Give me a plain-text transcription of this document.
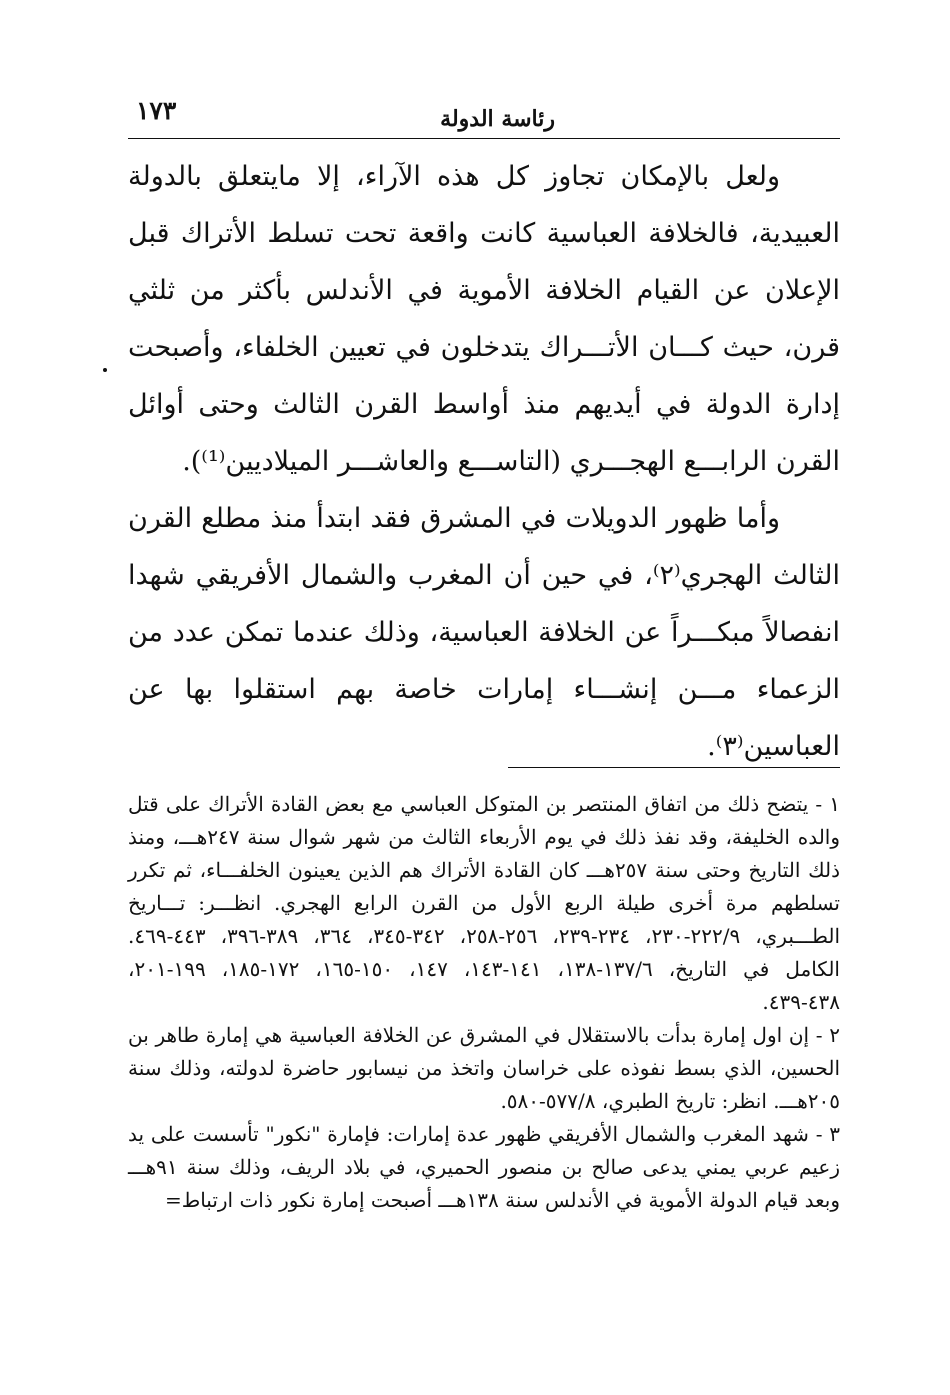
١٧٣	رئاسة الدولة

ولعل بالإمكان تجاوز كل هذه الآراء، إلا مايتعلق بالدولة العبيدية، فالخلافة العباسية كانت واقعة تحت تسلط الأتراك قبل الإعلان عن القيام الخلافة الأموية في الأندلس بأكثر من ثلثي قرن، حيث كـــان الأتـــراك يتدخلون في تعيين الخلفاء، وأصبحت إدارة الدولة في أيديهم منذ أواسط القرن الثالث وحتى أوائل القرن الرابـــع الهجـــري (التاســـع والعاشـــر الميلاديين⁽¹⁾).

وأما ظهور الدويلات في المشرق فقد ابتدأ منذ مطلع القرن الثالث الهجري⁽٢⁾، في حين أن المغرب والشمال الأفريقي شهدا انفصالاً مبكـــراً عن الخلافة العباسية، وذلك عندما تمكن عدد من الزعماء مـــن إنشـــاء إمارات خاصة بهم استقلوا بها عن العباسين⁽٣⁾.

١ - يتضح ذلك من اتفاق المنتصر بن المتوكل العباسي مع بعض القادة الأتراك على قتل والده الخليفة، وقد نفذ ذلك في يوم الأربعاء الثالث من شهر شوال سنة ٢٤٧هـــ، ومنذ ذلك التاريخ وحتى سنة ٢٥٧هـــ كان القادة الأتراك هم الذين يعينون الخلفـــاء، ثم تكرر تسلطهم مرة أخرى طيلة الربع الأول من القرن الرابع الهجري. انظـــر: تـــاريخ الطـــبري، ٢٢٢/٩-٢٣٠، ٢٣٤-٢٣٩، ٢٥٦-٢٥٨، ٣٤٢-٣٤٥، ٣٦٤، ٣٨٩-٣٩٦، ٤٤٣-٤٦٩. الكامل في التاريخ، ١٣٧/٦-١٣٨، ١٤١-١٤٣، ١٤٧، ١٥٠-١٦٥، ١٧٢-١٨٥، ١٩٩-٢٠١، ٤٣٨-٤٣٩.

٢ - إن اول إمارة بدأت بالاستقلال في المشرق عن الخلافة العباسية هي إمارة طاهر بن الحسين، الذي بسط نفوذه على خراسان واتخذ من نيسابور حاضرة لدولته، وذلك سنة ٢٠٥هـــ. انظر: تاريخ الطبري، ٥٧٧/٨-٥٨٠.

٣ - شهد المغرب والشمال الأفريقي ظهور عدة إمارات: فإمارة "نكور" تأسست على يد زعيم عربي يمني يدعى صالح بن منصور الحميري، في بلاد الريف، وذلك سنة ٩١هـــ وبعد قيام الدولة الأموية في الأندلس سنة ١٣٨هـــ أصبحت إمارة نكور ذات ارتباط=
